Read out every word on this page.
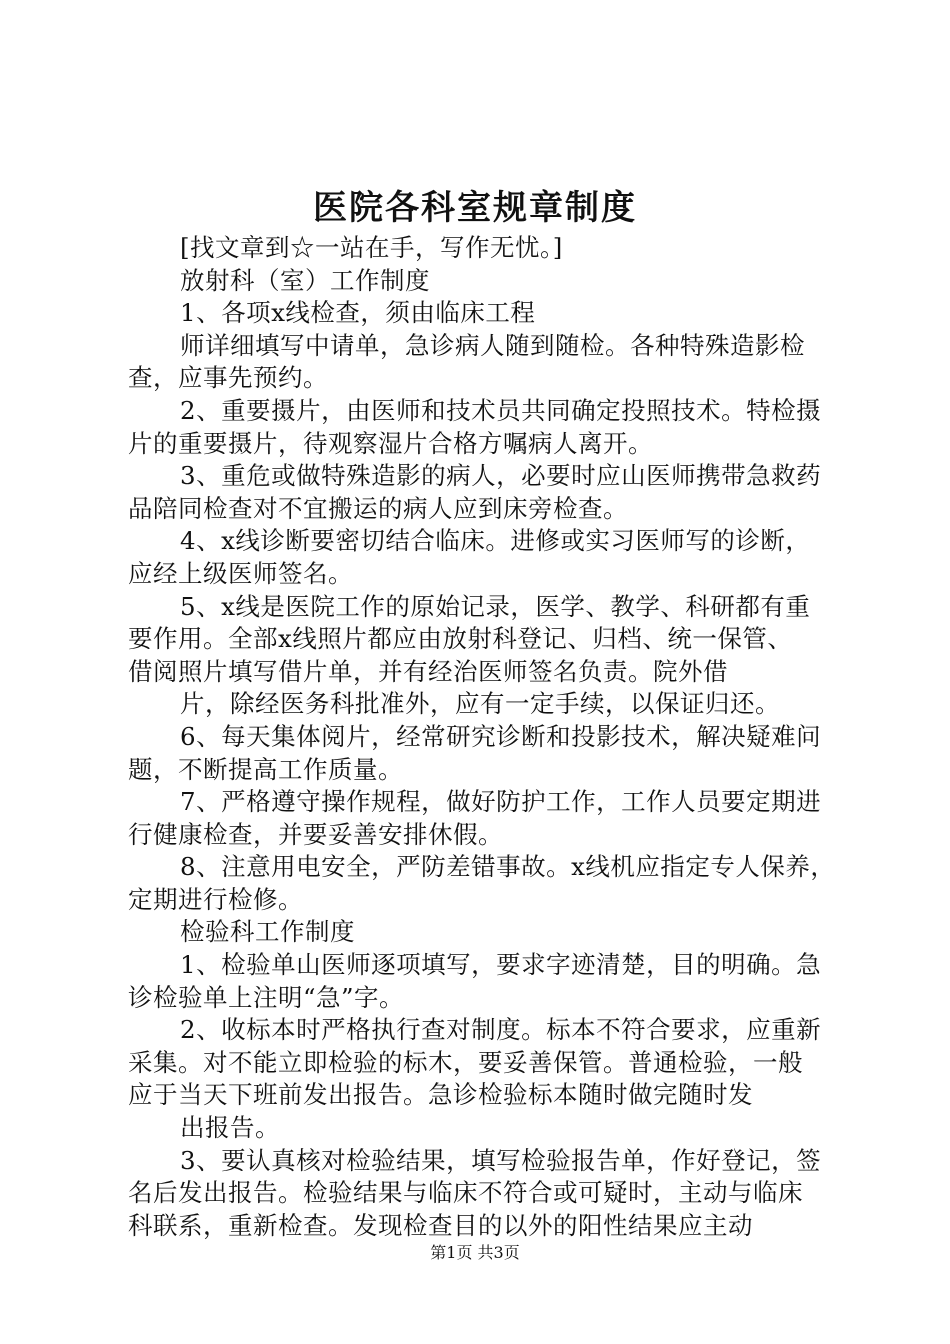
医院各科室规章制度
[找文章到☆一站在手，写作无忧。]
放射科（室）工作制度
1、各项x线检查，须由临床工程
师详细填写中请单，急诊病人随到随检。各种特殊造影检
查，应事先预约。
2、重要摄片，由医师和技术员共同确定投照技术。特检摄
片的重要摄片，待观察湿片合格方嘱病人离开。
3、重危或做特殊造影的病人，必要时应山医师携带急救药
品陪同检查对不宜搬运的病人应到床旁检查。
4、x线诊断要密切结合临床。进修或实习医师写的诊断，
应经上级医师签名。
5、x线是医院工作的原始记录，医学、教学、科研都有重
要作用。全部x线照片都应由放射科登记、归档、统一保管、
借阅照片填写借片单，并有经治医师签名负责。院外借
片，除经医务科批准外，应有一定手续，以保证归还。
6、每天集体阅片，经常研究诊断和投影技术，解决疑难问
题，不断提高工作质量。
7、严格遵守操作规程，做好防护工作，工作人员要定期进
行健康检查，并要妥善安排休假。
8、注意用电安全，严防差错事故。x线机应指定专人保养，
定期进行检修。
检验科工作制度
1、检验单山医师逐项填写，要求字迹清楚，目的明确。急
诊检验单上注明“急”字。
2、收标本时严格执行查对制度。标本不符合要求，应重新
采集。对不能立即检验的标木，要妥善保管。普通检验，一般
应于当天下班前发出报告。急诊检验标本随时做完随时发
出报告。
3、要认真核对检验结果，填写检验报告单，作好登记，签
名后发出报告。检验结果与临床不符合或可疑时，主动与临床
科联系，重新检查。发现检查目的以外的阳性结果应主动
第1页 共3页
